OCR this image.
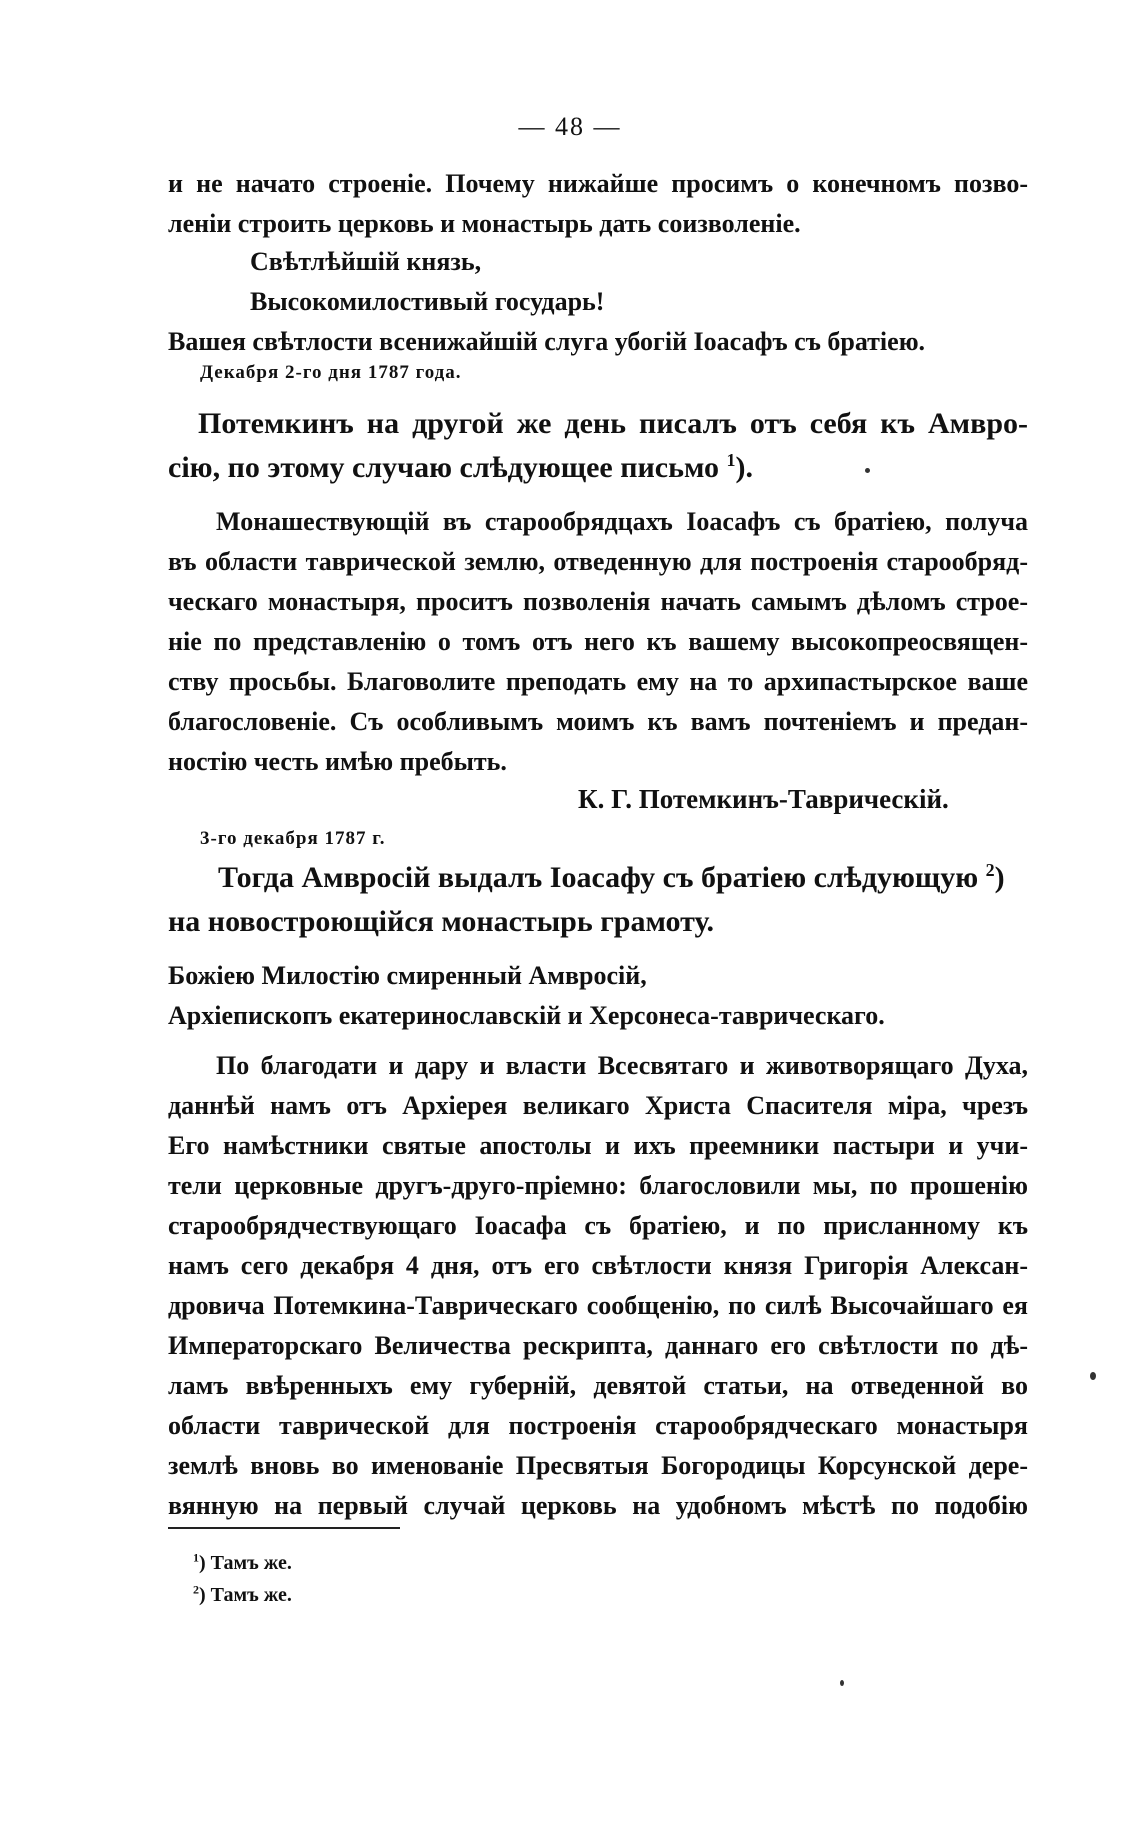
— 48 —
и не начато строеніе. Почему нижайше просимъ о конечномъ позво-
леніи строить церковь и монастырь дать соизволеніе.
Свѣтлѣйшій князь,
Высокомилостивый государь!
Вашея свѣтлости всенижайшій слуга убогій Іоасафъ съ братіею.
Декабря 2-го дня 1787 года.
Потемкинъ на другой же день писалъ отъ себя къ Амвро-
сію, по этому случаю слѣдующее письмо $^1$).
Монашествующій въ старообрядцахъ Іоасафъ съ братіею, получа
въ области таврической землю, отведенную для построенія старообряд-
ческаго монастыря, проситъ позволенія начать самымъ дѣломъ строе-
ніе по представленію о томъ отъ него къ вашему высокопреосвящен-
ству просьбы. Благоволите преподать ему на то архипастырское ваше
благословеніе. Съ особливымъ моимъ къ вамъ почтеніемъ и предан-
ностію честь имѣю пребыть.
К. Г. Потемкинъ-Таврическій.
3-го декабря 1787 г.
Тогда Амвросій выдалъ Іоасафу съ братіею слѣдующую $^2$)
на новостроющійся монастырь грамоту.
Божіею Милостію смиренный Амвросій,
Архіепископъ екатеринославскій и Херсонеса-таврическаго.
По благодати и дару и власти Всесвятаго и животворящаго Духа,
даннѣй намъ отъ Архіерея великаго Христа Спасителя міра, чрезъ
Его намѣстники святые апостолы и ихъ преемники пастыри и учи-
тели церковные другъ-друго-пріемно: благословили мы, по прошенію
старообрядчествующаго Іоасафа съ братіею, и по присланному къ
намъ сего декабря 4 дня, отъ его свѣтлости князя Григорія Алексан-
дровича Потемкина-Таврическаго сообщенію, по силѣ Высочайшаго ея
Императорскаго Величества рескрипта, даннаго его свѣтлости по дѣ-
ламъ ввѣренныхъ ему губерній, девятой статьи, на отведенной во
области таврической для построенія старообрядческаго монастыря
землѣ вновь во именованіе Пресвятыя Богородицы Корсунской дере-
вянную на первый случай церковь на удобномъ мѣстѣ по подобію
$^1$) Тамъ же.
$^2$) Тамъ же.
